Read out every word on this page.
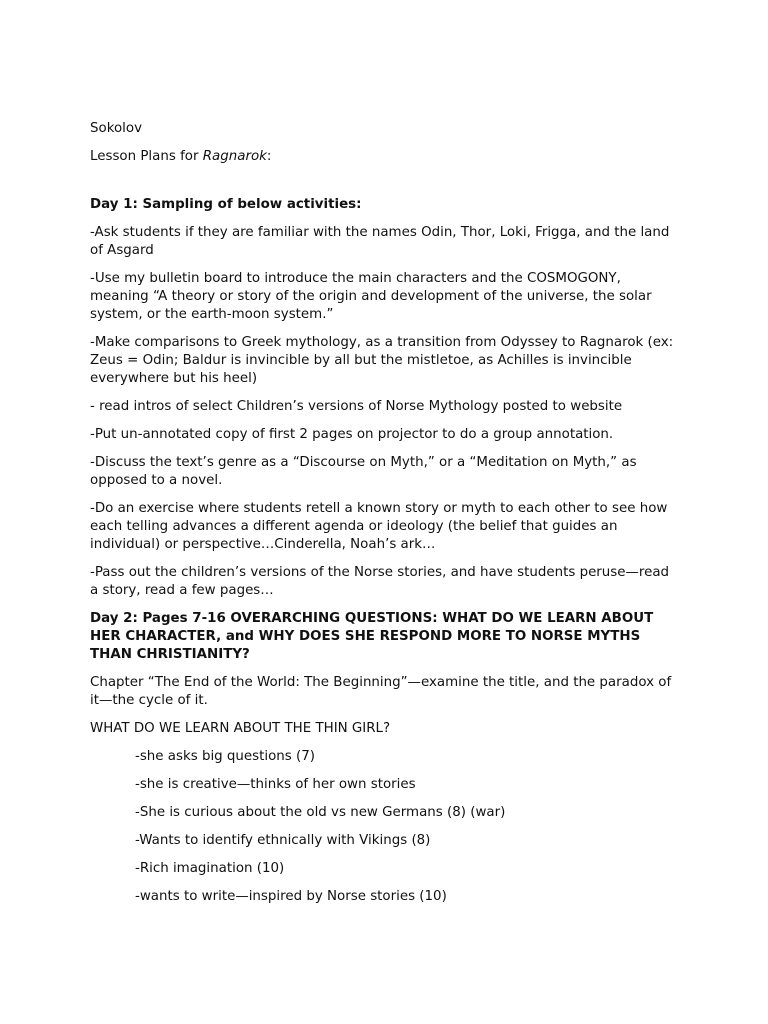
Sokolov

Lesson Plans for Ragnarok:

Day 1: Sampling of below activities:

-Ask students if they are familiar with the names Odin, Thor, Loki, Frigga, and the land of Asgard

-Use my bulletin board to introduce the main characters and the COSMOGONY, meaning “A theory or story of the origin and development of the universe, the solar system, or the earth-moon system.”

-Make comparisons to Greek mythology, as a transition from Odyssey to Ragnarok (ex: Zeus = Odin; Baldur is invincible by all but the mistletoe, as Achilles is invincible everywhere but his heel)

- read intros of select Children’s versions of Norse Mythology posted to website

-Put un-annotated copy of first 2 pages on projector to do a group annotation.

-Discuss the text’s genre as a “Discourse on Myth,” or a “Meditation on Myth,” as opposed to a novel.

-Do an exercise where students retell a known story or myth to each other to see how each telling advances a different agenda or ideology (the belief that guides an individual) or perspective…Cinderella, Noah’s ark…

-Pass out the children’s versions of the Norse stories, and have students peruse—read a story, read a few pages…

Day 2: Pages 7-16 OVERARCHING QUESTIONS: WHAT DO WE LEARN ABOUT HER CHARACTER, and WHY DOES SHE RESPOND MORE TO NORSE MYTHS THAN CHRISTIANITY?

Chapter “The End of the World: The Beginning”—examine the title, and the paradox of it—the cycle of it.

WHAT DO WE LEARN ABOUT THE THIN GIRL?

-she asks big questions (7)

-she is creative—thinks of her own stories

-She is curious about the old vs new Germans (8) (war)

-Wants to identify ethnically with Vikings (8)

-Rich imagination (10)

-wants to write—inspired by Norse stories (10)
